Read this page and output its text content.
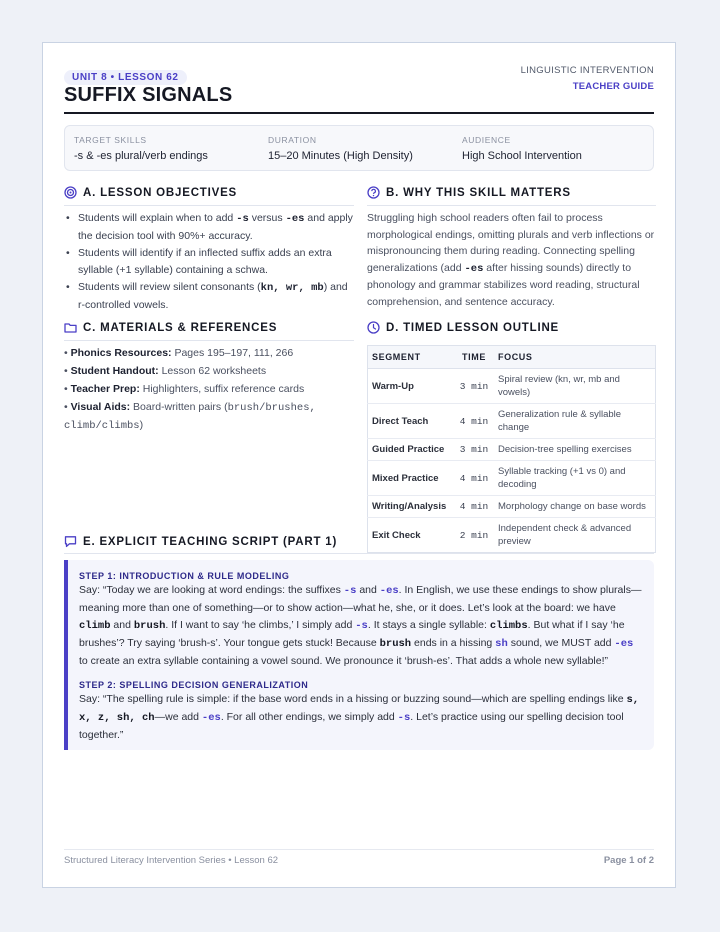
UNIT 8 • LESSON 62
SUFFIX SIGNALS
LINGUISTIC INTERVENTION
TEACHER GUIDE
TARGET SKILLS
-s & -es plural/verb endings
DURATION
15–20 Minutes (High Density)
AUDIENCE
High School Intervention
A. LESSON OBJECTIVES
• Students will explain when to add -s versus -es and apply the decision tool with 90%+ accuracy.
• Students will identify if an inflected suffix adds an extra syllable (+1 syllable) containing a schwa.
• Students will review silent consonants (kn, wr, mb) and r-controlled vowels.
B. WHY THIS SKILL MATTERS
Struggling high school readers often fail to process morphological endings, omitting plurals and verb inflections or mispronouncing them during reading. Connecting spelling generalizations (add -es after hissing sounds) directly to phonology and grammar stabilizes word reading, structural comprehension, and sentence accuracy.
C. MATERIALS & REFERENCES
• Phonics Resources: Pages 195–197, 111, 266
• Student Handout: Lesson 62 worksheets
• Teacher Prep: Highlighters, suffix reference cards
• Visual Aids: Board-written pairs (brush/brushes, climb/climbs)
D. TIMED LESSON OUTLINE
SEGMENT	TIME	FOCUS
Warm-Up	3 min	Spiral review (kn, wr, mb and vowels)
Direct Teach	4 min	Generalization rule & syllable change
Guided Practice	3 min	Decision-tree spelling exercises
Mixed Practice	4 min	Syllable tracking (+1 vs 0) and decoding
Writing/Analysis	4 min	Morphology change on base words
Exit Check	2 min	Independent check & advanced preview
E. EXPLICIT TEACHING SCRIPT (PART 1)
STEP 1: INTRODUCTION & RULE MODELING
Say: “Today we are looking at word endings: the suffixes -s and -es. In English, we use these endings to show plurals—meaning more than one of something—or to show action—what he, she, or it does. Let’s look at the board: we have climb and brush. If I want to say ‘he climbs,’ I simply add -s. It stays a single syllable: climbs. But what if I say ‘he brushes’? Try saying ‘brush-s’. Your tongue gets stuck! Because brush ends in a hissing sh sound, we MUST add -es to create an extra syllable containing a vowel sound. We pronounce it ‘brush-es’. That adds a whole new syllable!”
STEP 2: SPELLING DECISION GENERALIZATION
Say: “The spelling rule is simple: if the base word ends in a hissing or buzzing sound—which are spelling endings like s, x, z, sh, ch—we add -es. For all other endings, we simply add -s. Let’s practice using our spelling decision tool together.”
Structured Literacy Intervention Series • Lesson 62	Page 1 of 2
